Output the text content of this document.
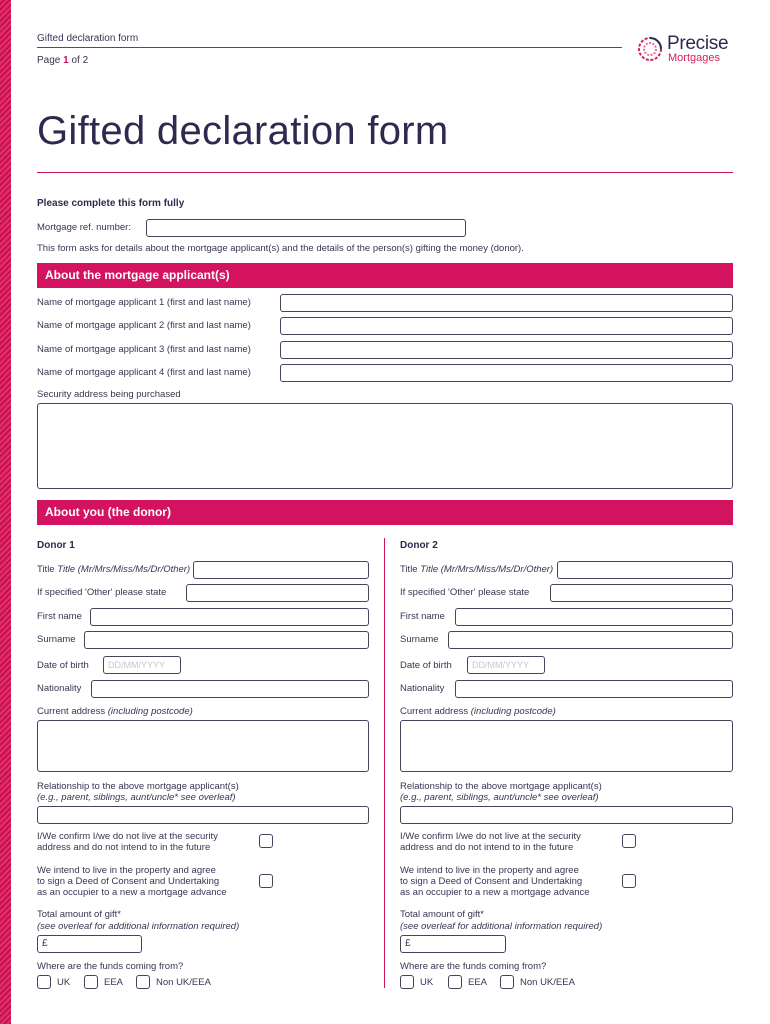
Gifted declaration form
Page 1 of 2
Precise
Mortgages
Gifted declaration form
Please complete this form fully
Mortgage ref. number:
This form asks for details about the mortgage applicant(s) and the details of the person(s) gifting the money (donor).
About the mortgage applicant(s)
Name of mortgage applicant 1 (first and last name)
Name of mortgage applicant 2 (first and last name)
Name of mortgage applicant 3 (first and last name)
Name of mortgage applicant 4 (first and last name)
Security address being purchased
About you (the donor)
Donor 1
Title Title (Mr/Mrs/Miss/Ms/Dr/Other)
If specified 'Other' please state
First name
Surname
Date of birth	DD/MM/YYYY
Nationality
Current address (including postcode)
Relationship to the above mortgage applicant(s)
(e.g., parent, siblings, aunt/uncle* see overleaf)
I/We confirm I/we do not live at the security
address and do not intend to in the future
We intend to live in the property and agree
to sign a Deed of Consent and Undertaking
as an occupier to a new a mortgage advance
Total amount of gift*
(see overleaf for additional information required)
£
Where are the funds coming from?
UK	EEA	Non UK/EEA
Donor 2
Title Title (Mr/Mrs/Miss/Ms/Dr/Other)
If specified 'Other' please state
First name
Surname
Date of birth	DD/MM/YYYY
Nationality
Current address (including postcode)
Relationship to the above mortgage applicant(s)
(e.g., parent, siblings, aunt/uncle* see overleaf)
I/We confirm I/we do not live at the security
address and do not intend to in the future
We intend to live in the property and agree
to sign a Deed of Consent and Undertaking
as an occupier to a new a mortgage advance
Total amount of gift*
(see overleaf for additional information required)
£
Where are the funds coming from?
UK	EEA	Non UK/EEA
